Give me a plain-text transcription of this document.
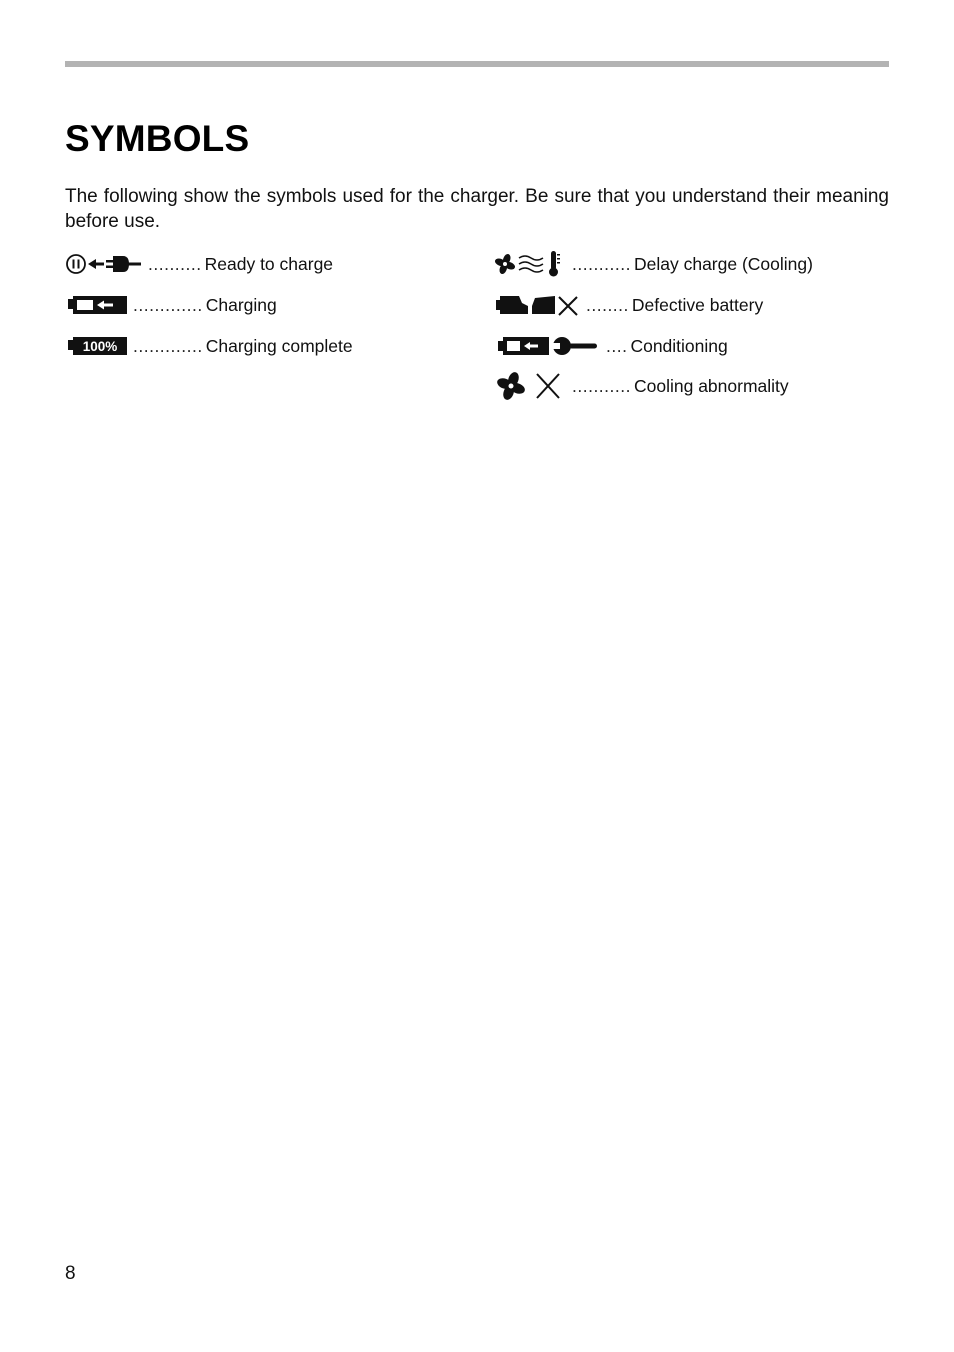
SYMBOLS

The following show the symbols used for the charger. Be sure that you understand their meaning before use.

.......... Ready to charge
............. Charging
100% ............. Charging complete
........... Delay charge (Cooling)
........ Defective battery
.... Conditioning
........... Cooling abnormality
8
